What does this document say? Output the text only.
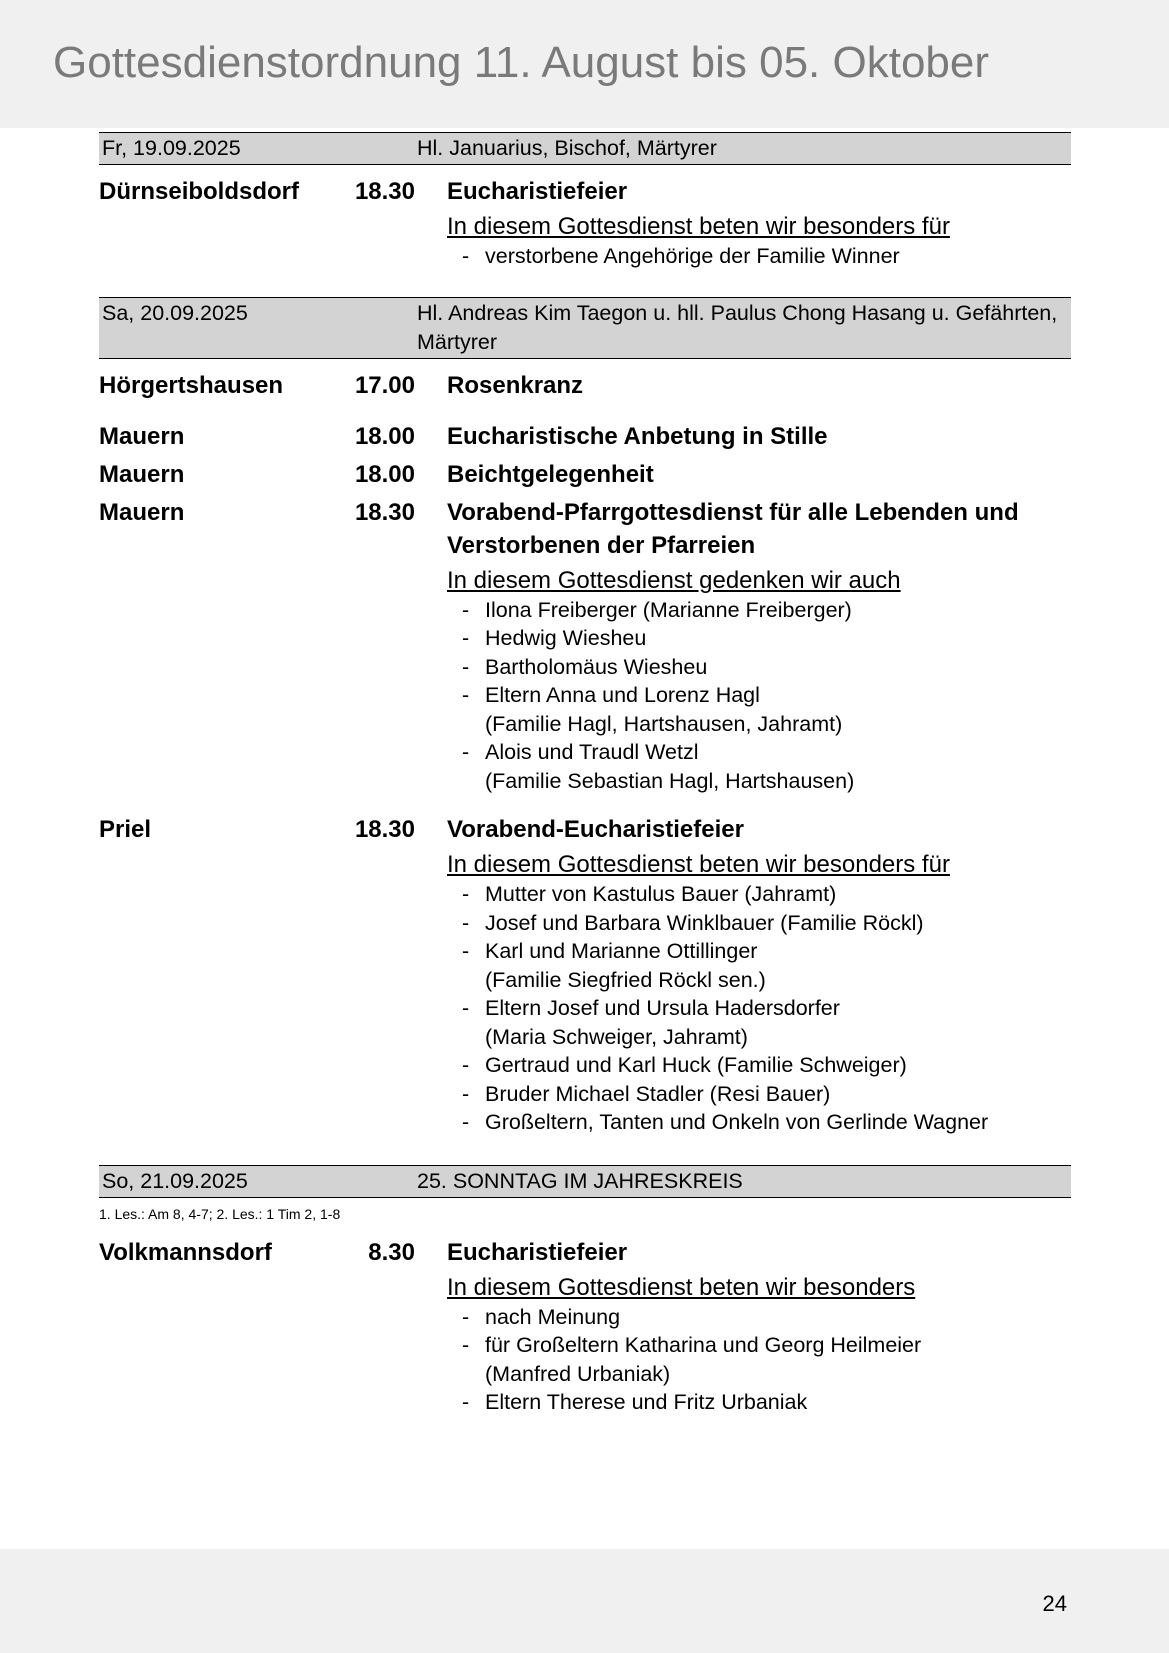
Gottesdienstordnung 11. August bis 05. Oktober
Fr, 19.09.2025	Hl. Januarius, Bischof, Märtyrer
Dürnseiboldsdorf	18.30 Eucharistiefeier
In diesem Gottesdienst beten wir besonders für
- verstorbene Angehörige der Familie Winner
Sa, 20.09.2025	Hl. Andreas Kim Taegon u. hll. Paulus Chong Hasang u. Gefährten, Märtyrer
Hörgertshausen	17.00 Rosenkranz
Mauern	18.00 Eucharistische Anbetung in Stille
Mauern	18.00 Beichtgelegenheit
Mauern	18.30 Vorabend-Pfarrgottesdienst für alle Lebenden und Verstorbenen der Pfarreien
In diesem Gottesdienst gedenken wir auch
- Ilona Freiberger (Marianne Freiberger)
- Hedwig Wiesheu
- Bartholomäus Wiesheu
- Eltern Anna und Lorenz Hagl
(Familie Hagl, Hartshausen, Jahramt)
- Alois und Traudl Wetzl
(Familie Sebastian Hagl, Hartshausen)
Priel	18.30 Vorabend-Eucharistiefeier
In diesem Gottesdienst beten wir besonders für
- Mutter von Kastulus Bauer (Jahramt)
- Josef und Barbara Winklbauer (Familie Röckl)
- Karl und Marianne Ottillinger
(Familie Siegfried Röckl sen.)
- Eltern Josef und Ursula Hadersdorfer
(Maria Schweiger, Jahramt)
- Gertraud und Karl Huck (Familie Schweiger)
- Bruder Michael Stadler (Resi Bauer)
- Großeltern, Tanten und Onkeln von Gerlinde Wagner
So, 21.09.2025	25. SONNTAG IM JAHRESKREIS
1. Les.: Am 8, 4-7; 2. Les.: 1 Tim 2, 1-8
Volkmannsdorf	8.30 Eucharistiefeier
In diesem Gottesdienst beten wir besonders
- nach Meinung
- für Großeltern Katharina und Georg Heilmeier
(Manfred Urbaniak)
- Eltern Therese und Fritz Urbaniak
24
